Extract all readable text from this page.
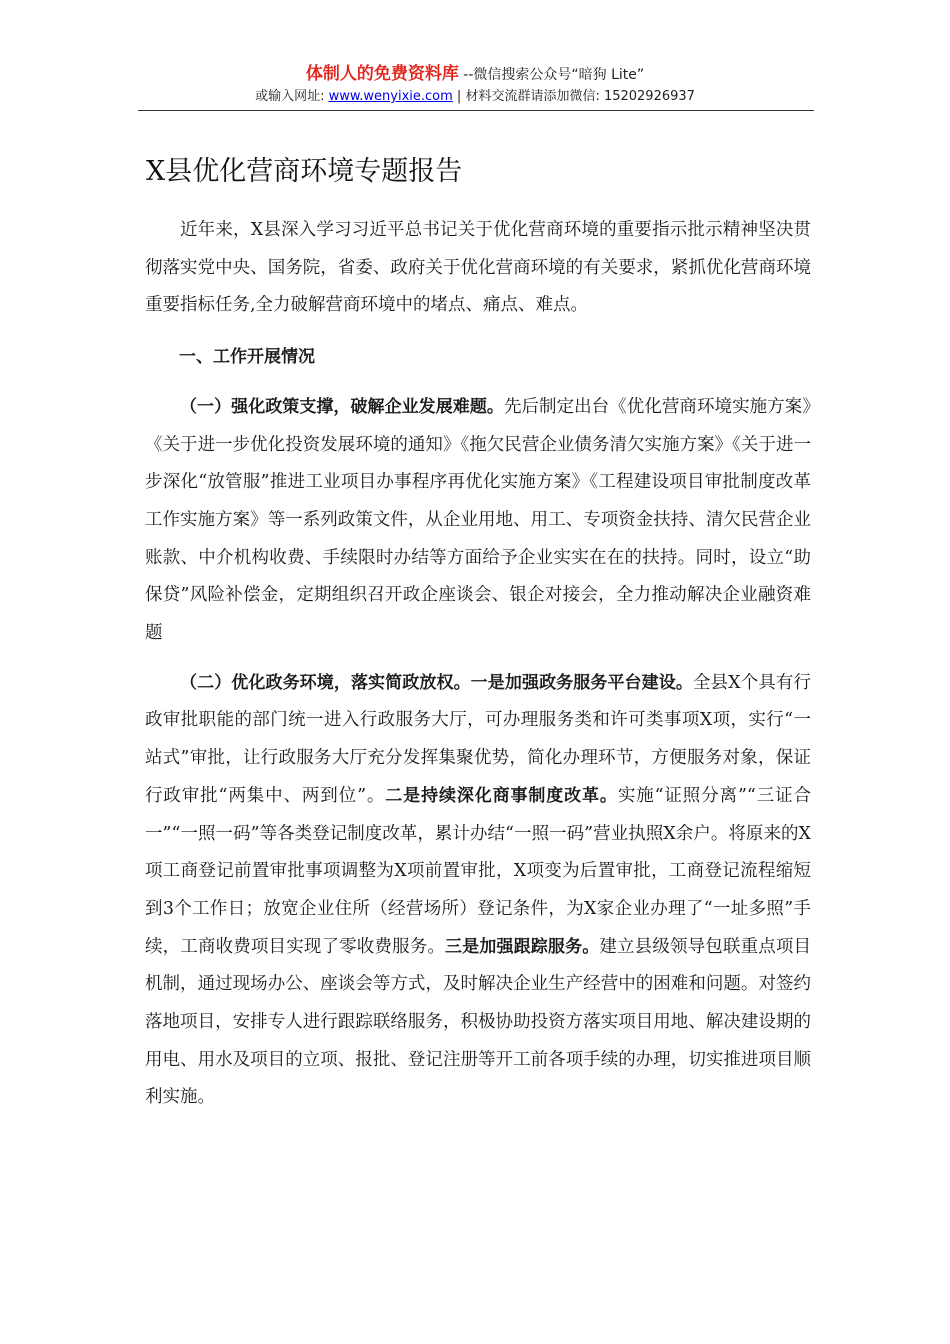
体制人的免费资料库 --微信搜索公众号“暗狗 Lite”
或输入网址: www.wenyixie.com | 材料交流群请添加微信: 15202926937
X县优化营商环境专题报告

近年来，X县深入学习习近平总书记关于优化营商环境的重要指示批示精神坚决贯彻落实党中央、国务院，省委、政府关于优化营商环境的有关要求，紧抓优化营商环境重要指标任务,全力破解营商环境中的堵点、痛点、难点。

一、工作开展情况

（一）强化政策支撑，破解企业发展难题。先后制定出台《优化营商环境实施方案》《关于进一步优化投资发展环境的通知》《拖欠民营企业债务清欠实施方案》《关于进一步深化“放管服”推进工业项目办事程序再优化实施方案》《工程建设项目审批制度改革工作实施方案》等一系列政策文件，从企业用地、用工、专项资金扶持、清欠民营企业账款、中介机构收费、手续限时办结等方面给予企业实实在在的扶持。同时，设立“助保贷”风险补偿金，定期组织召开政企座谈会、银企对接会，全力推动解决企业融资难题

（二）优化政务环境，落实简政放权。一是加强政务服务平台建设。全县X个具有行政审批职能的部门统一进入行政服务大厅，可办理服务类和许可类事项X项，实行“一站式”审批，让行政服务大厅充分发挥集聚优势，简化办理环节，方便服务对象，保证行政审批“两集中、两到位”。二是持续深化商事制度改革。实施“证照分离”“三证合一”“一照一码”等各类登记制度改革，累计办结“一照一码”营业执照X余户。将原来的X项工商登记前置审批事项调整为X项前置审批，X项变为后置审批，工商登记流程缩短到3个工作日；放宽企业住所（经营场所）登记条件，为X家企业办理了“一址多照”手续，工商收费项目实现了零收费服务。三是加强跟踪服务。建立县级领导包联重点项目机制，通过现场办公、座谈会等方式，及时解决企业生产经营中的困难和问题。对签约落地项目，安排专人进行跟踪联络服务，积极协助投资方落实项目用地、解决建设期的用电、用水及项目的立项、报批、登记注册等开工前各项手续的办理，切实推进项目顺利实施。
